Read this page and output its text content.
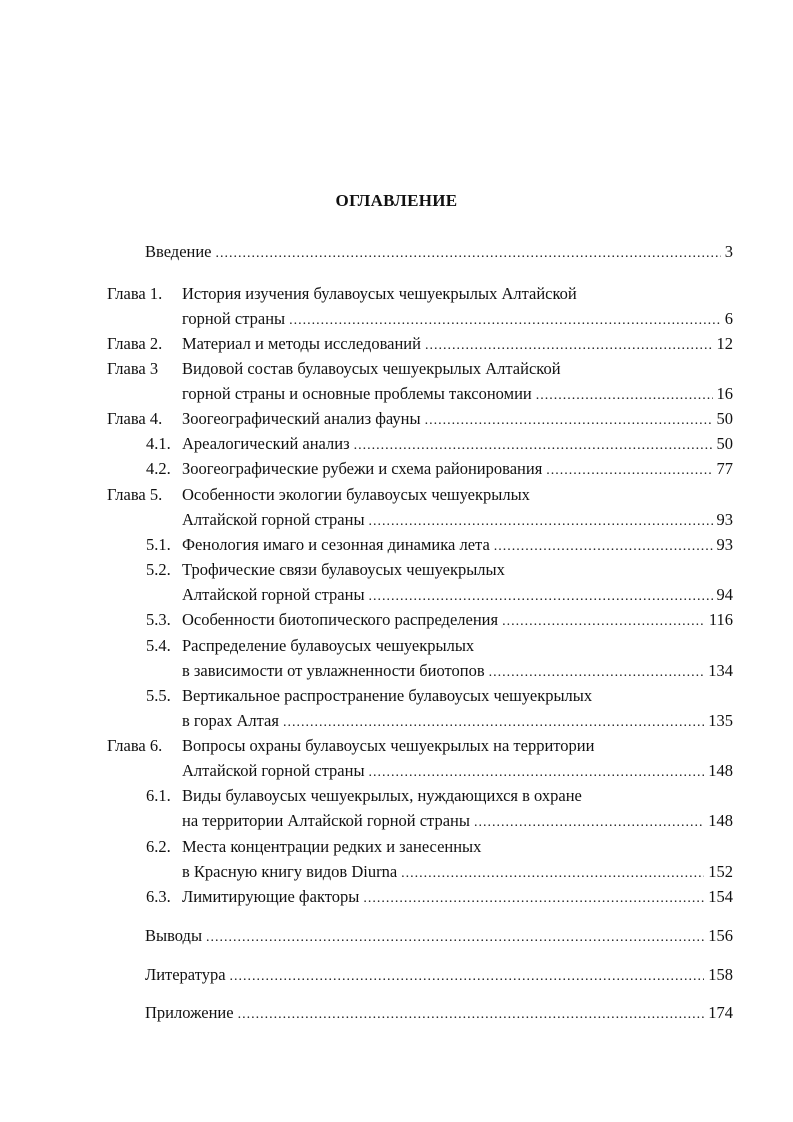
ОГЛАВЛЕНИЕ
Введение .....	3
Глава 1. История изучения булавоусых чешуекрылых Алтайской
горной страны .....	6
Глава 2. Материал и методы исследований .....	12
Глава 3 Видовой состав булавоусых чешуекрылых Алтайской
горной страны и основные проблемы таксономии .....	16
Глава 4. Зоогеографический анализ фауны .....	50
4.1. Ареалогический анализ .....	50
4.2. Зоогеографические рубежи и схема районирования .....	77
Глава 5. Особенности экологии булавоусых чешуекрылых
Алтайской горной страны .....	93
5.1. Фенология имаго и сезонная динамика лета .....	93
5.2. Трофические связи булавоусых чешуекрылых
Алтайской горной страны .....	94
5.3. Особенности биотопического распределения .....	116
5.4. Распределение булавоусых чешуекрылых
в зависимости от увлажненности биотопов .....	134
5.5. Вертикальное распространение булавоусых чешуекрылых
в горах Алтая .....	135
Глава 6. Вопросы охраны булавоусых чешуекрылых на территории
Алтайской горной страны .....	148
6.1. Виды булавоусых чешуекрылых, нуждающихся в охране
на территории Алтайской горной страны .....	148
6.2. Места концентрации редких и занесенных
в Красную книгу видов Diurna .....	152
6.3. Лимитирующие факторы .....	154
Выводы .....	156
Литература .....	158
Приложение .....	174
